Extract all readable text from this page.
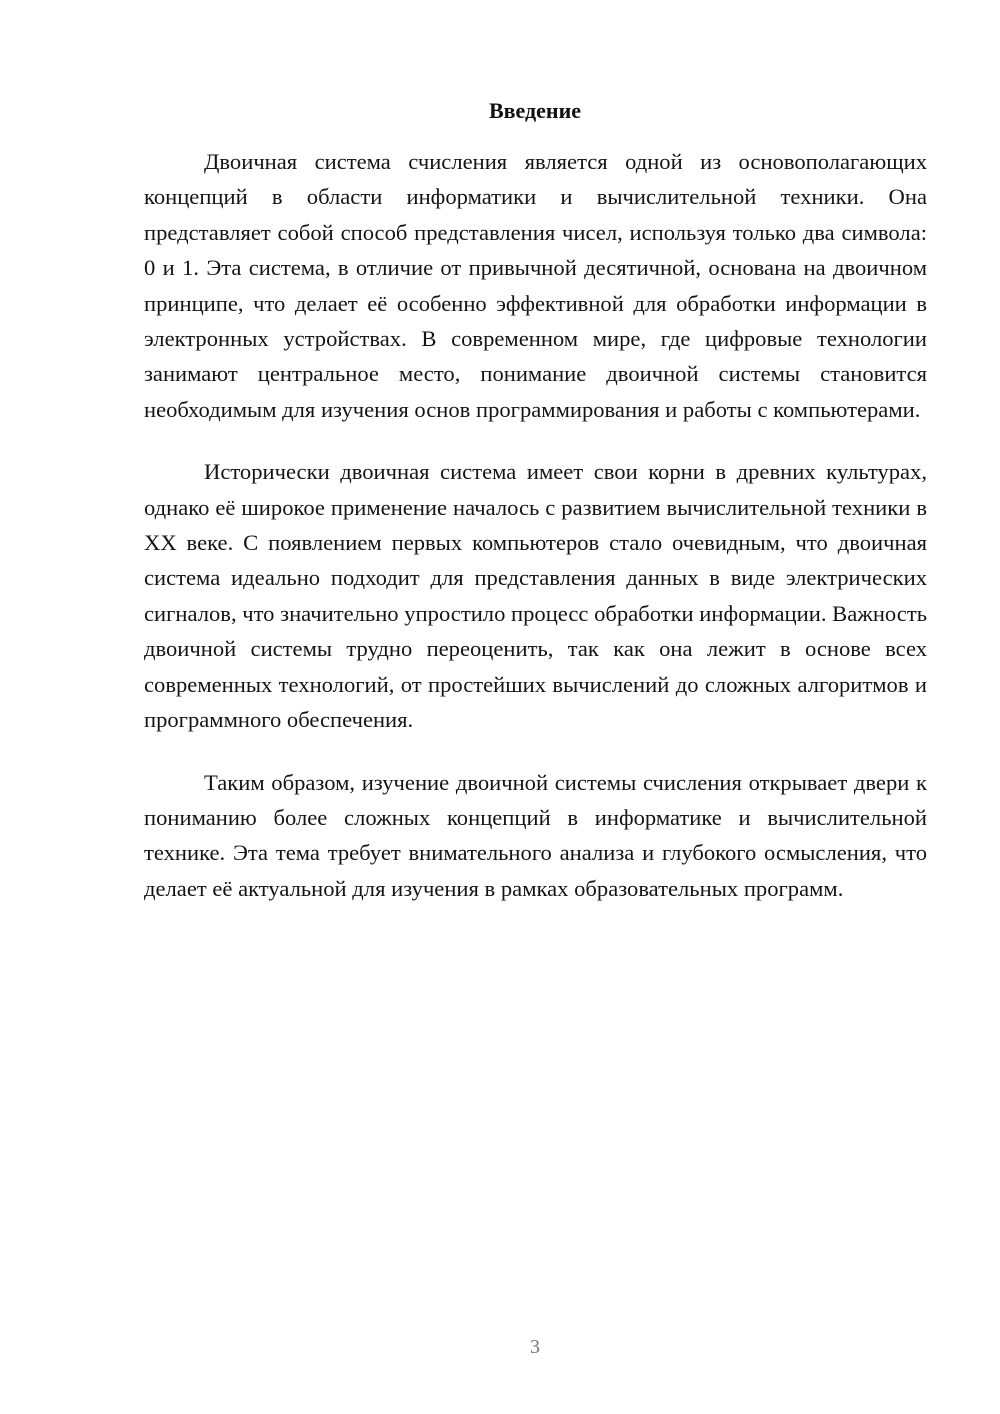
Введение

Двоичная система счисления является одной из основополагающих концепций в области информатики и вычислительной техники. Она представляет собой способ представления чисел, используя только два символа: 0 и 1. Эта система, в отличие от привычной десятичной, основана на двоичном принципе, что делает её особенно эффективной для обработки информации в электронных устройствах. В современном мире, где цифровые технологии занимают центральное место, понимание двоичной системы становится необходимым для изучения основ программирования и работы с компьютерами.

Исторически двоичная система имеет свои корни в древних культурах, однако её широкое применение началось с развитием вычислительной техники в XX веке. С появлением первых компьютеров стало очевидным, что двоичная система идеально подходит для представления данных в виде электрических сигналов, что значительно упростило процесс обработки информации. Важность двоичной системы трудно переоценить, так как она лежит в основе всех современных технологий, от простейших вычислений до сложных алгоритмов и программного обеспечения.

Таким образом, изучение двоичной системы счисления открывает двери к пониманию более сложных концепций в информатике и вычислительной технике. Эта тема требует внимательного анализа и глубокого осмысления, что делает её актуальной для изучения в рамках образовательных программ.

3
